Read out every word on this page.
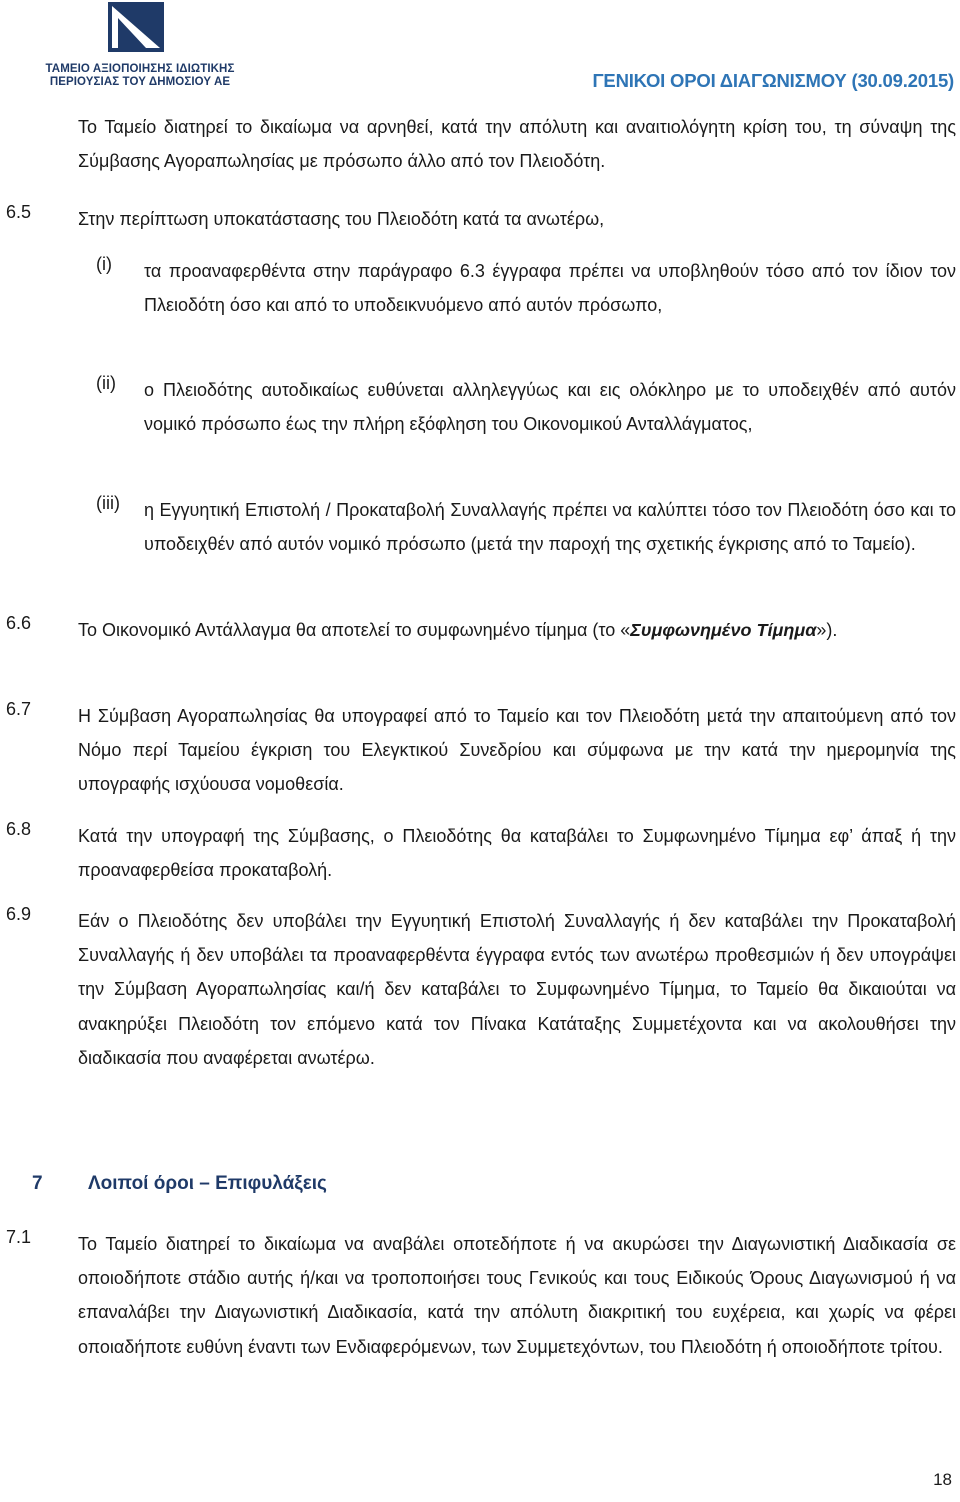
ΤΑΜΕΙΟ ΑΞΙΟΠΟΙΗΣΗΣ ΙΔΙΩΤΙΚΗΣ
ΠΕΡΙΟΥΣΙΑΣ ΤΟΥ ΔΗΜΟΣΙΟΥ ΑΕ	ΓΕΝΙΚΟΙ ΟΡΟΙ ΔΙΑΓΩΝΙΣΜΟΥ (30.09.2015)
Το Ταμείο διατηρεί το δικαίωμα να αρνηθεί, κατά την απόλυτη και αναιτιολόγητη κρίση του, τη σύναψη της Σύμβασης Αγοραπωλησίας με πρόσωπο άλλο από τον Πλειοδότη.
6.5	Στην περίπτωση υποκατάστασης του Πλειοδότη κατά τα ανωτέρω,
(i) τα προαναφερθέντα στην παράγραφο 6.3 έγγραφα πρέπει να υποβληθούν τόσο από τον ίδιον τον Πλειοδότη όσο και από το υποδεικνυόμενο από αυτόν πρόσωπο,
(ii) ο Πλειοδότης αυτοδικαίως ευθύνεται αλληλεγγύως και εις ολόκληρο με το υποδειχθέν από αυτόν νομικό πρόσωπο έως την πλήρη εξόφληση του Οικονομικού Ανταλλάγματος,
(iii) η Εγγυητική Επιστολή / Προκαταβολή Συναλλαγής πρέπει να καλύπτει τόσο τον Πλειοδότη όσο και το υποδειχθέν από αυτόν νομικό πρόσωπο (μετά την παροχή της σχετικής έγκρισης από το Ταμείο).
6.6	Το Οικονομικό Αντάλλαγμα θα αποτελεί το συμφωνημένο τίμημα (το «Συμφωνημένο Τίμημα»).
6.7	Η Σύμβαση Αγοραπωλησίας θα υπογραφεί από το Ταμείο και τον Πλειοδότη μετά την απαιτούμενη από τον Νόμο περί Ταμείου έγκριση του Ελεγκτικού Συνεδρίου και σύμφωνα με την κατά την ημερομηνία της υπογραφής ισχύουσα νομοθεσία.
6.8	Κατά την υπογραφή της Σύμβασης, ο Πλειοδότης θα καταβάλει το Συμφωνημένο Τίμημα εφ’ άπαξ ή την προαναφερθείσα προκαταβολή.
6.9	Εάν ο Πλειοδότης δεν υποβάλει την Εγγυητική Επιστολή Συναλλαγής ή δεν καταβάλει την Προκαταβολή Συναλλαγής ή δεν υποβάλει τα προαναφερθέντα έγγραφα εντός των ανωτέρω προθεσμιών ή δεν υπογράψει την Σύμβαση Αγοραπωλησίας και/ή δεν καταβάλει το Συμφωνημένο Τίμημα, το Ταμείο θα δικαιούται να ανακηρύξει Πλειοδότη τον επόμενο κατά τον Πίνακα Κατάταξης Συμμετέχοντα και να ακολουθήσει την διαδικασία που αναφέρεται ανωτέρω.
7 Λοιποί όροι – Επιφυλάξεις
7.1	Το Ταμείο διατηρεί το δικαίωμα να αναβάλει οποτεδήποτε ή να ακυρώσει την Διαγωνιστική Διαδικασία σε οποιοδήποτε στάδιο αυτής ή/και να τροποποιήσει τους Γενικούς και τους Ειδικούς Όρους Διαγωνισμού ή να επαναλάβει την Διαγωνιστική Διαδικασία, κατά την απόλυτη διακριτική του ευχέρεια, και χωρίς να φέρει οποιαδήποτε ευθύνη έναντι των Ενδιαφερόμενων, των Συμμετεχόντων, του Πλειοδότη ή οποιοδήποτε τρίτου.
18
